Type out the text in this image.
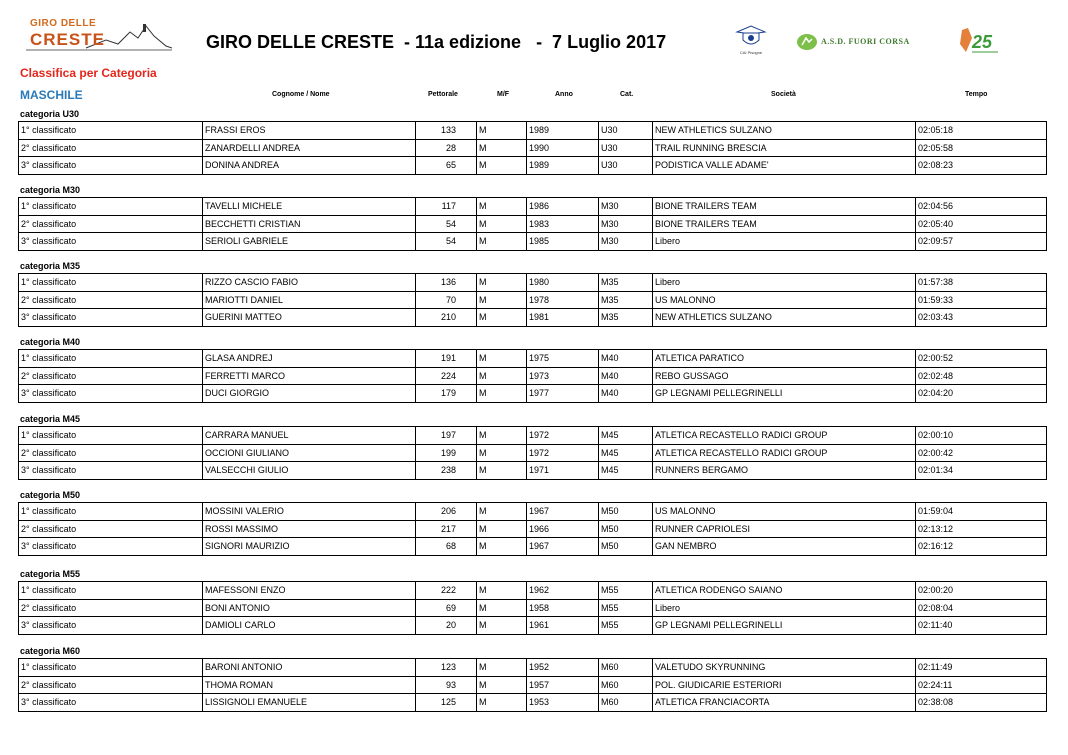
GIRO DELLE
CRESTE	GIRO DELLE CRESTE  - 11a edizione   -  7 Luglio 2017
CAI Pisogne
A.S.D. FUORI CORSA	25
Classifica per Categoria
MASCHILE	Cognome / Nome	Pettorale	M/F	Anno	Cat.	Società	Tempo
categoria U30
1° classificato	FRASSI EROS	133	M	1989	U30	NEW ATHLETICS SULZANO	02:05:18
2° classificato	ZANARDELLI ANDREA	28	M	1990	U30	TRAIL RUNNING BRESCIA	02:05:58
3° classificato	DONINA ANDREA	65	M	1989	U30	PODISTICA VALLE ADAME'	02:08:23
categoria M30
1° classificato	TAVELLI MICHELE	117	M	1986	M30	BIONE TRAILERS TEAM	02:04:56
2° classificato	BECCHETTI CRISTIAN	54	M	1983	M30	BIONE TRAILERS TEAM	02:05:40
3° classificato	SERIOLI GABRIELE	54	M	1985	M30	Libero	02:09:57
categoria M35
1° classificato	RIZZO CASCIO FABIO	136	M	1980	M35	Libero	01:57:38
2° classificato	MARIOTTI DANIEL	70	M	1978	M35	US MALONNO	01:59:33
3° classificato	GUERINI MATTEO	210	M	1981	M35	NEW ATHLETICS SULZANO	02:03:43
categoria M40
1° classificato	GLASA ANDREJ	191	M	1975	M40	ATLETICA PARATICO	02:00:52
2° classificato	FERRETTI MARCO	224	M	1973	M40	REBO GUSSAGO	02:02:48
3° classificato	DUCI GIORGIO	179	M	1977	M40	GP LEGNAMI PELLEGRINELLI	02:04:20
categoria M45
1° classificato	CARRARA MANUEL	197	M	1972	M45	ATLETICA RECASTELLO RADICI GROUP	02:00:10
2° classificato	OCCIONI GIULIANO	199	M	1972	M45	ATLETICA RECASTELLO RADICI GROUP	02:00:42
3° classificato	VALSECCHI GIULIO	238	M	1971	M45	RUNNERS BERGAMO	02:01:34
categoria M50
1° classificato	MOSSINI VALERIO	206	M	1967	M50	US MALONNO	01:59:04
2° classificato	ROSSI MASSIMO	217	M	1966	M50	RUNNER CAPRIOLESI	02:13:12
3° classificato	SIGNORI MAURIZIO	68	M	1967	M50	GAN NEMBRO	02:16:12
categoria M55
1° classificato	MAFESSONI ENZO	222	M	1962	M55	ATLETICA RODENGO SAIANO	02:00:20
2° classificato	BONI ANTONIO	69	M	1958	M55	Libero	02:08:04
3° classificato	DAMIOLI CARLO	20	M	1961	M55	GP LEGNAMI PELLEGRINELLI	02:11:40
categoria M60
1° classificato	BARONI ANTONIO	123	M	1952	M60	VALETUDO SKYRUNNING	02:11:49
2° classificato	THOMA ROMAN	93	M	1957	M60	POL. GIUDICARIE ESTERIORI	02:24:11
3° classificato	LISSIGNOLI EMANUELE	125	M	1953	M60	ATLETICA FRANCIACORTA	02:38:08
